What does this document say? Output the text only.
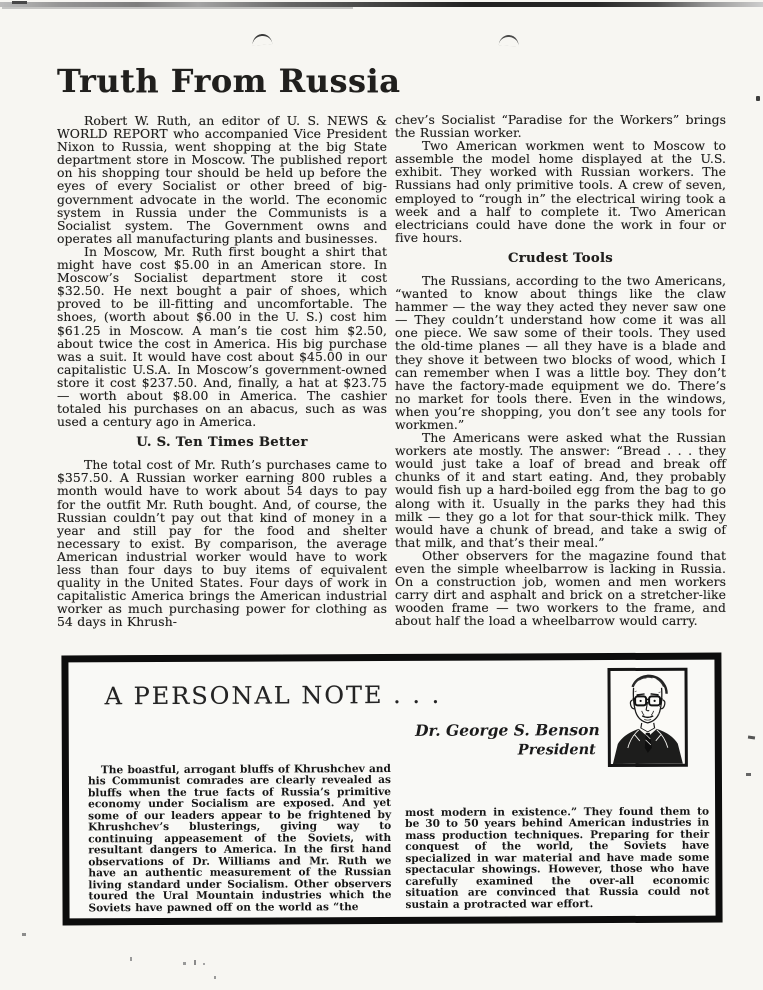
Truth From Russia

Robert W. Ruth, an editor of U. S. NEWS & WORLD REPORT who accompanied Vice President Nixon to Russia, went shopping at the big State department store in Moscow. The published report on his shopping tour should be held up before the eyes of every Socialist or other breed of big-government advocate in the world. The economic system in Russia under the Communists is a Socialist system. The Government owns and operates all manufacturing plants and businesses.

In Moscow, Mr. Ruth first bought a shirt that might have cost $5.00 in an American store. In Moscow’s Socialist department store it cost $32.50. He next bought a pair of shoes, which proved to be ill-fitting and uncomfortable. The shoes, (worth about $6.00 in the U. S.) cost him $61.25 in Moscow. A man’s tie cost him $2.50, about twice the cost in America. His big purchase was a suit. It would have cost about $45.00 in our capitalistic U.S.A. In Moscow’s government-owned store it cost $237.50. And, finally, a hat at $23.75 — worth about $8.00 in America. The cashier totaled his purchases on an abacus, such as was used a century ago in America.

U. S. Ten Times Better

The total cost of Mr. Ruth’s purchases came to $357.50. A Russian worker earning 800 rubles a month would have to work about 54 days to pay for the outfit Mr. Ruth bought. And, of course, the Russian couldn’t pay out that kind of money in a year and still pay for the food and shelter necessary to exist. By comparison, the average American industrial worker would have to work less than four days to buy items of equivalent quality in the United States. Four days of work in capitalistic America brings the American industrial worker as much purchasing power for clothing as 54 days in Khrush-

chev’s Socialist “Paradise for the Workers” brings the Russian worker.

Two American workmen went to Moscow to assemble the model home displayed at the U.S. exhibit. They worked with Russian workers. The Russians had only primitive tools. A crew of seven, employed to “rough in” the electrical wiring took a week and a half to complete it. Two American electricians could have done the work in four or five hours.

Crudest Tools

The Russians, according to the two Americans, “wanted to know about things like the claw hammer — the way they acted they never saw one — They couldn’t understand how come it was all one piece. We saw some of their tools. They used the old-time planes — all they have is a blade and they shove it between two blocks of wood, which I can remember when I was a little boy. They don’t have the factory-made equipment we do. There’s no market for tools there. Even in the windows, when you’re shopping, you don’t see any tools for workmen.”

The Americans were asked what the Russian workers ate mostly. The answer: “Bread . . . they would just take a loaf of bread and break off chunks of it and start eating. And, they probably would fish up a hard-boiled egg from the bag to go along with it. Usually in the parks they had this milk — they go a lot for that sour-thick milk. They would have a chunk of bread, and take a swig of that milk, and that’s their meal.”

Other observers for the magazine found that even the simple wheelbarrow is lacking in Russia. On a construction job, women and men workers carry dirt and asphalt and brick on a stretcher-like wooden frame — two workers to the frame, and about half the load a wheelbarrow would carry.

A PERSONAL NOTE . . .
Dr. George S. Benson
President

The boastful, arrogant bluffs of Khrushchev and his Communist comrades are clearly revealed as bluffs when the true facts of Russia’s primitive economy under Socialism are exposed. And yet some of our leaders appear to be frightened by Khrushchev’s blusterings, giving way to continuing appeasement of the Soviets, with resultant dangers to America. In the first hand observations of Dr. Williams and Mr. Ruth we have an authentic measurement of the Russian living standard under Socialism. Other observers toured the Ural Mountain industries which the Soviets have pawned off on the world as “the

most modern in existence.” They found them to be 30 to 50 years behind American industries in mass production techniques. Preparing for their conquest of the world, the Soviets have specialized in war material and have made some spectacular showings. However, those who have carefully examined the over-all economic situation are convinced that Russia could not sustain a protracted war effort.
